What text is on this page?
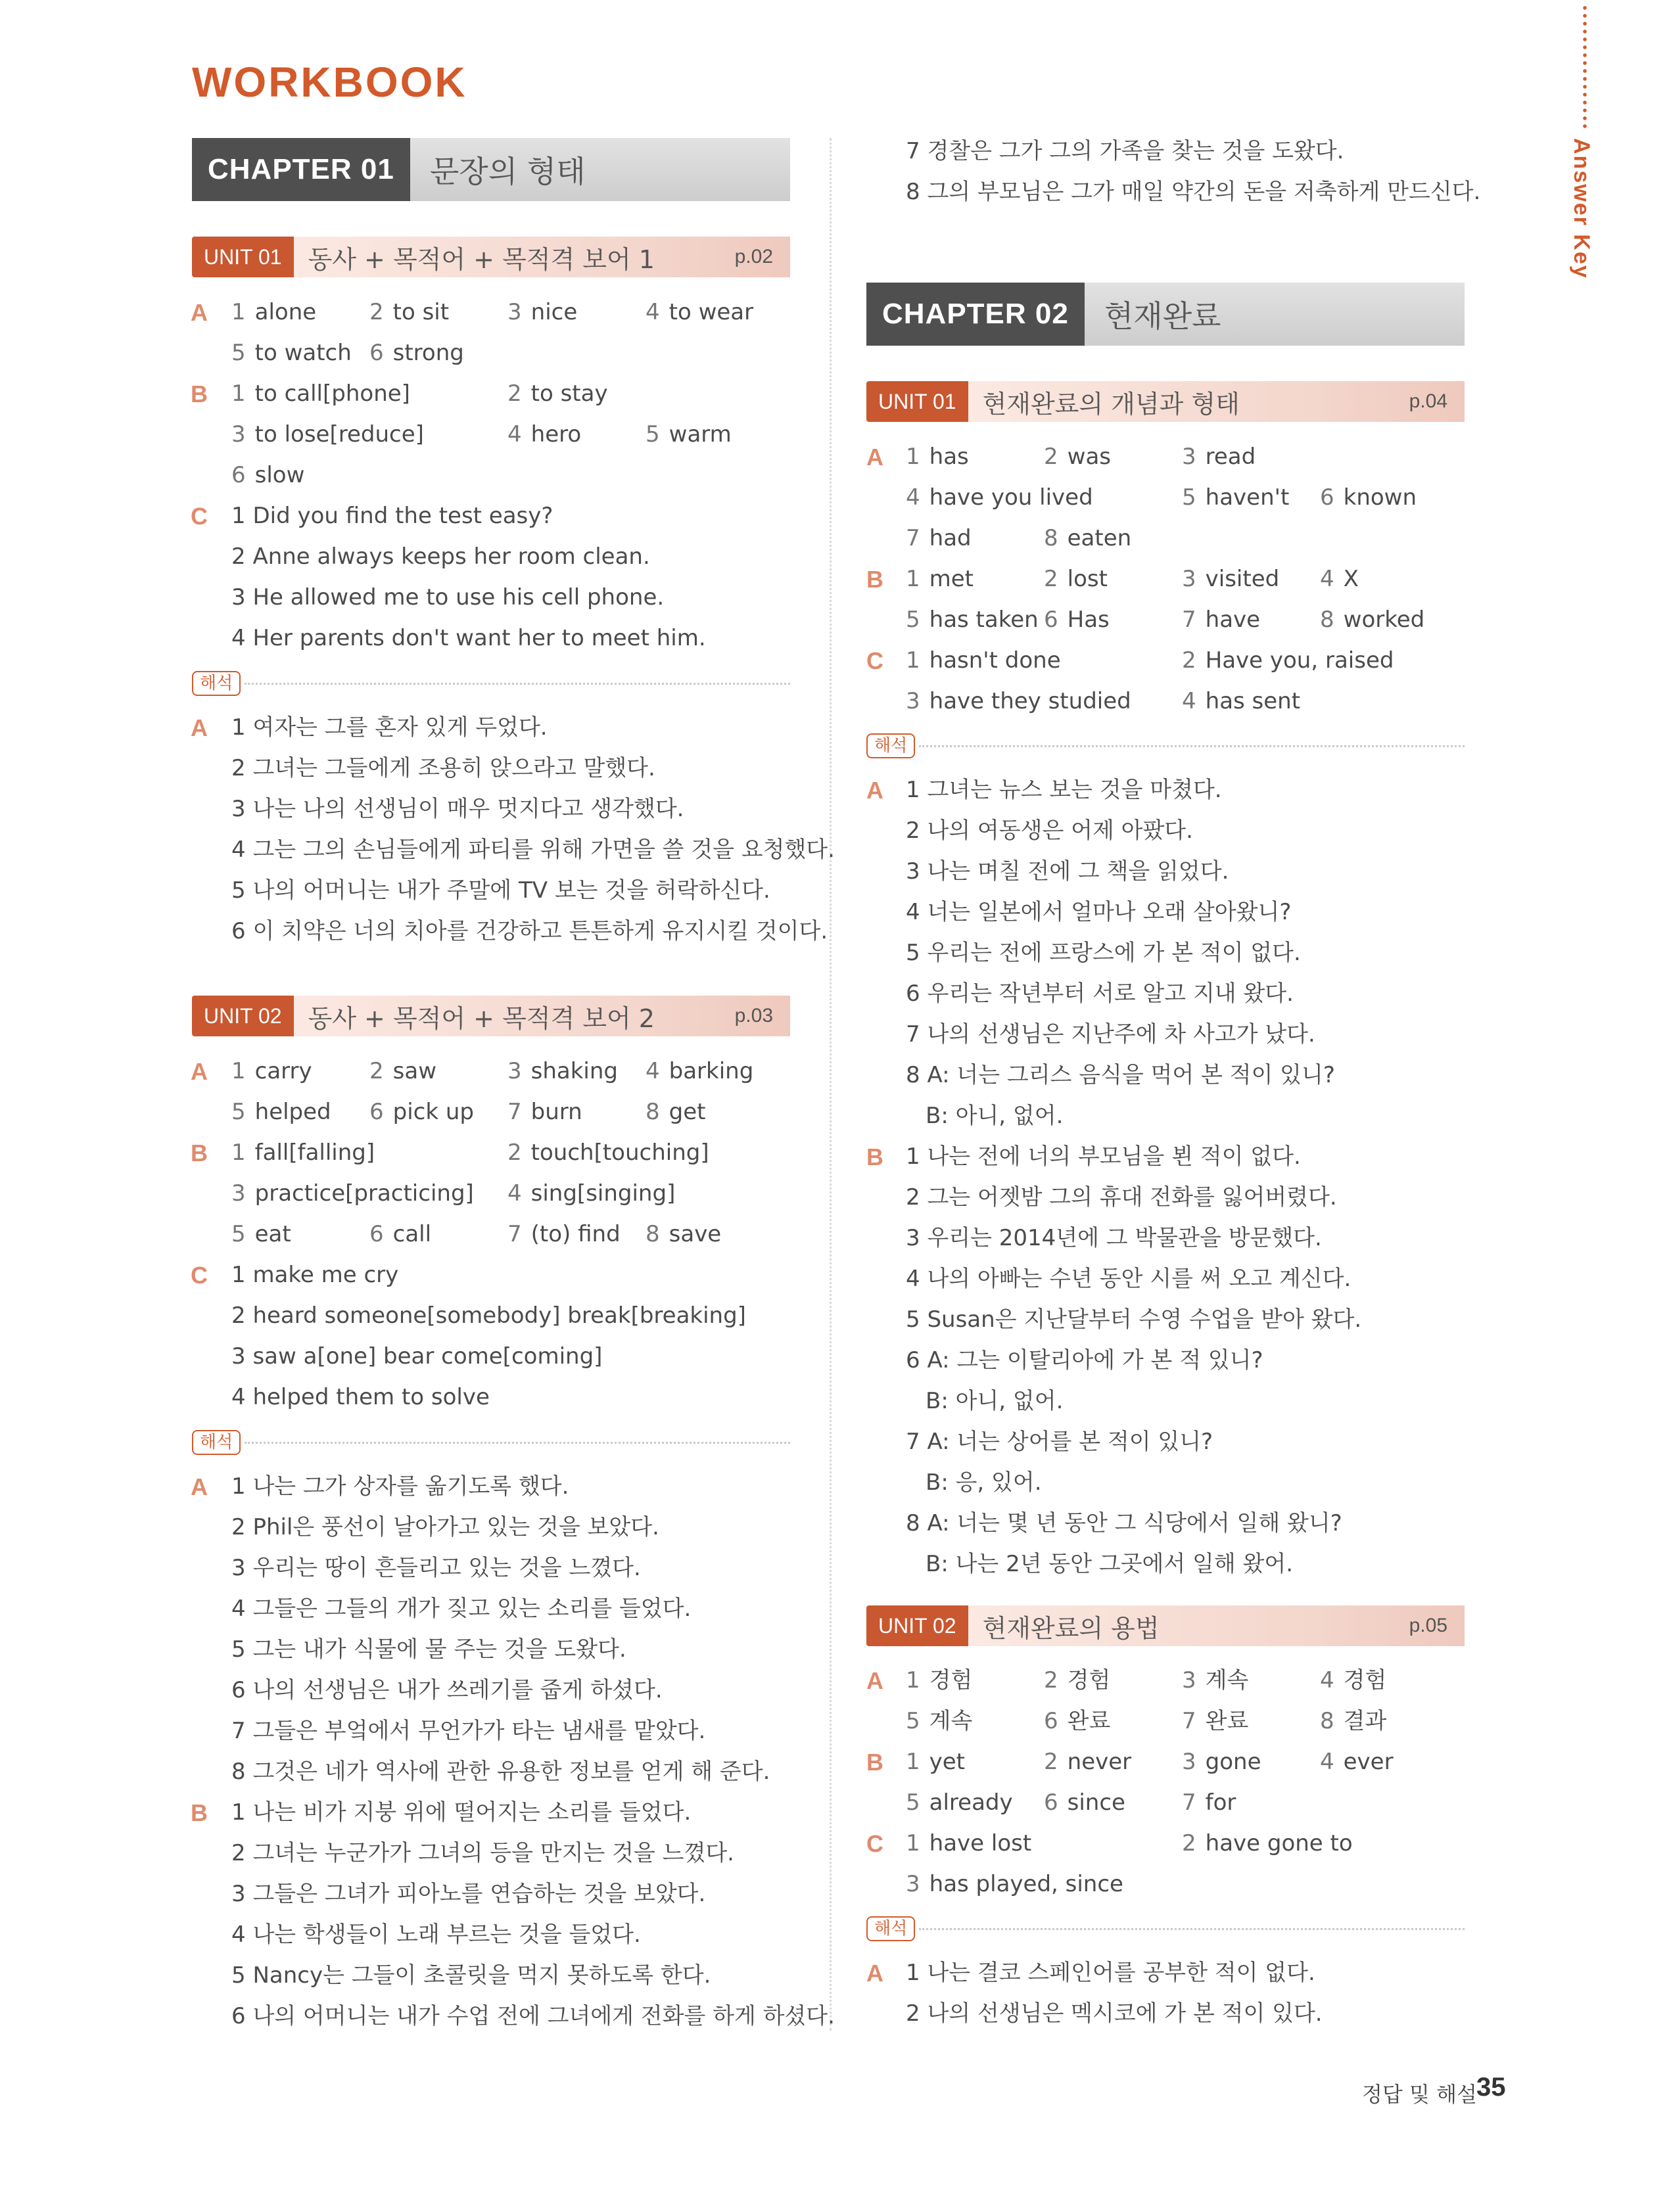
WORKBOOK
Answer Key
CHAPTER 01	문장의 형태
UNIT 01	동사 + 목적어 + 목적격 보어 1	p.02
A 1 alone 2 to sit	3 nice	4 to wear
5 to watch 6 strong
B 1 to call[phone]	2 to stay
3 to lose[reduce]	4 hero	5 warm
6 slow
C 1 Did you find the test easy?
2 Anne always keeps her room clean.
3 He allowed me to use his cell phone.
4 Her parents don't want her to meet him.
해석
A 1 여자는 그를 혼자 있게 두었다.
2 그녀는 그들에게 조용히 앉으라고 말했다.
3 나는 나의 선생님이 매우 멋지다고 생각했다.
4 그는 그의 손님들에게 파티를 위해 가면을 쓸 것을 요청했다.
5 나의 어머니는 내가 주말에 TV 보는 것을 허락하신다.
6 이 치약은 너의 치아를 건강하고 튼튼하게 유지시킬 것이다.
UNIT 02	동사 + 목적어 + 목적격 보어 2	p.03
A 1 carry	2 saw	3 shaking 4 barking
5 helped 6 pick up 7 burn	8 get
B 1 fall[falling]	2 touch[touching]
3 practice[practicing] 4 sing[singing]
5 eat	6 call	7 (to) find 8 save
C 1 make me cry
2 heard someone[somebody] break[breaking]
3 saw a[one] bear come[coming]
4 helped them to solve
해석
A 1 나는 그가 상자를 옮기도록 했다.
2 Phil은 풍선이 날아가고 있는 것을 보았다.
3 우리는 땅이 흔들리고 있는 것을 느꼈다.
4 그들은 그들의 개가 짖고 있는 소리를 들었다.
5 그는 내가 식물에 물 주는 것을 도왔다.
6 나의 선생님은 내가 쓰레기를 줍게 하셨다.
7 그들은 부엌에서 무언가가 타는 냄새를 맡았다.
8 그것은 네가 역사에 관한 유용한 정보를 얻게 해 준다.
B 1 나는 비가 지붕 위에 떨어지는 소리를 들었다.
2 그녀는 누군가가 그녀의 등을 만지는 것을 느꼈다.
3 그들은 그녀가 피아노를 연습하는 것을 보았다.
4 나는 학생들이 노래 부르는 것을 들었다.
5 Nancy는 그들이 초콜릿을 먹지 못하도록 한다.
6 나의 어머니는 내가 수업 전에 그녀에게 전화를 하게 하셨다.
7 경찰은 그가 그의 가족을 찾는 것을 도왔다.
8 그의 부모님은 그가 매일 약간의 돈을 저축하게 만드신다.
CHAPTER 02	현재완료
UNIT 01	현재완료의 개념과 형태	p.04
A 1 has	2 was	3 read
4 have you lived	5 haven't 6 known
7 had	8 eaten
B 1 met	2 lost	3 visited 4 X
5 has taken 6 Has	7 have	8 worked
C 1 hasn't done	2 Have you, raised
3 have they studied 4 has sent
해석
A 1 그녀는 뉴스 보는 것을 마쳤다.
2 나의 여동생은 어제 아팠다.
3 나는 며칠 전에 그 책을 읽었다.
4 너는 일본에서 얼마나 오래 살아왔니?
5 우리는 전에 프랑스에 가 본 적이 없다.
6 우리는 작년부터 서로 알고 지내 왔다.
7 나의 선생님은 지난주에 차 사고가 났다.
8 A: 너는 그리스 음식을 먹어 본 적이 있니?
B: 아니, 없어.
B 1 나는 전에 너의 부모님을 뵌 적이 없다.
2 그는 어젯밤 그의 휴대 전화를 잃어버렸다.
3 우리는 2014년에 그 박물관을 방문했다.
4 나의 아빠는 수년 동안 시를 써 오고 계신다.
5 Susan은 지난달부터 수영 수업을 받아 왔다.
6 A: 그는 이탈리아에 가 본 적 있니?
B: 아니, 없어.
7 A: 너는 상어를 본 적이 있니?
B: 응, 있어.
8 A: 너는 몇 년 동안 그 식당에서 일해 왔니?
B: 나는 2년 동안 그곳에서 일해 왔어.
UNIT 02	현재완료의 용법	p.05
A 1 경험	2 경험	3 계속	4 경험
5 계속	6 완료	7 완료	8 결과
B 1 yet	2 never 3 gone	4 ever
5 already 6 since	7 for
C 1 have lost	2 have gone to
3 has played, since
해석
A 1 나는 결코 스페인어를 공부한 적이 없다.
2 나의 선생님은 멕시코에 가 본 적이 있다.
정답 및 해설 35
